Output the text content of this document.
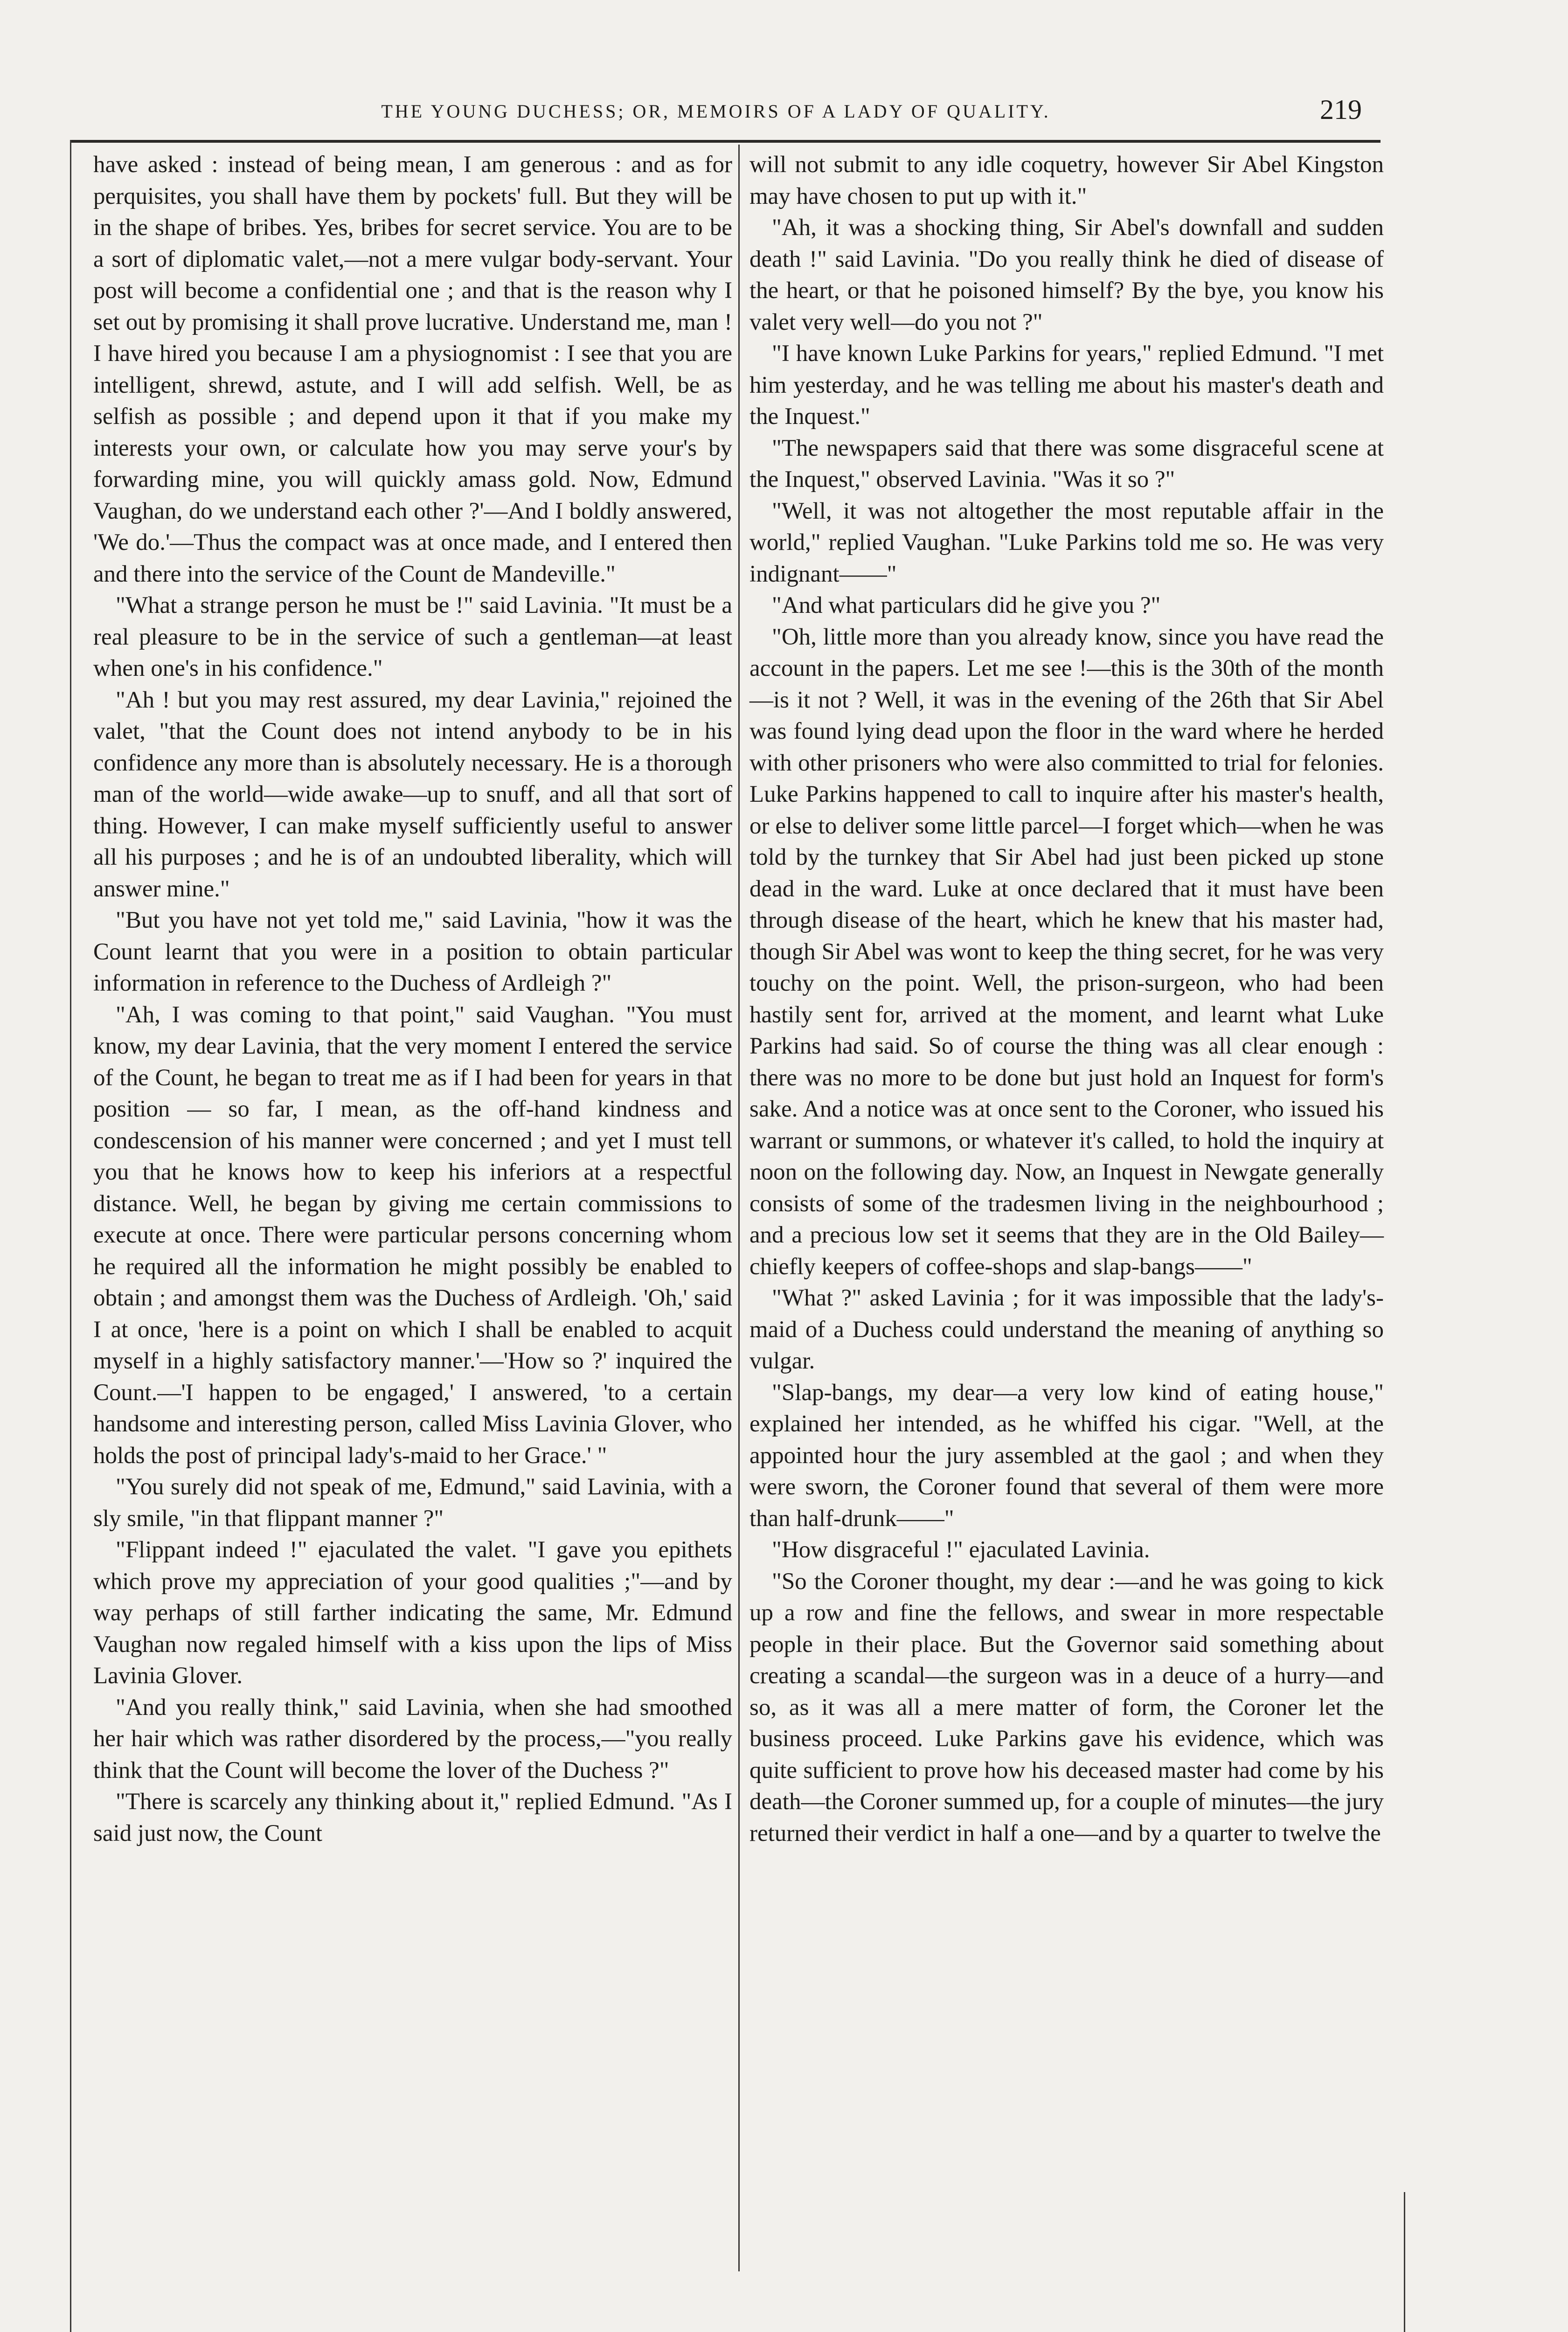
THE YOUNG DUCHESS; OR, MEMOIRS OF A LADY OF QUALITY.	219

have asked : instead of being mean, I am generous : and as for perquisites, you shall have them by pockets' full. But they will be in the shape of bribes. Yes, bribes for secret service. You are to be a sort of diplomatic valet,—not a mere vulgar body-servant. Your post will become a confidential one ; and that is the reason why I set out by promising it shall prove lucrative. Understand me, man ! I have hired you because I am a physiognomist : I see that you are intelligent, shrewd, astute, and I will add selfish. Well, be as selfish as possible ; and depend upon it that if you make my interests your own, or calculate how you may serve your's by forwarding mine, you will quickly amass gold. Now, Edmund Vaughan, do we understand each other ?'—And I boldly answered, 'We do.'—Thus the compact was at once made, and I entered then and there into the service of the Count de Mandeville."

"What a strange person he must be !" said Lavinia. "It must be a real pleasure to be in the service of such a gentleman—at least when one's in his confidence."

"Ah ! but you may rest assured, my dear Lavinia," rejoined the valet, "that the Count does not intend anybody to be in his confidence any more than is absolutely necessary. He is a thorough man of the world—wide awake—up to snuff, and all that sort of thing. However, I can make myself sufficiently useful to answer all his purposes ; and he is of an undoubted liberality, which will answer mine."

"But you have not yet told me," said Lavinia, "how it was the Count learnt that you were in a position to obtain particular information in reference to the Duchess of Ardleigh ?"

"Ah, I was coming to that point," said Vaughan. "You must know, my dear Lavinia, that the very moment I entered the service of the Count, he began to treat me as if I had been for years in that position — so far, I mean, as the off-hand kindness and condescension of his manner were concerned ; and yet I must tell you that he knows how to keep his inferiors at a respectful distance. Well, he began by giving me certain commissions to execute at once. There were particular persons concerning whom he required all the information he might possibly be enabled to obtain ; and amongst them was the Duchess of Ardleigh. 'Oh,' said I at once, 'here is a point on which I shall be enabled to acquit myself in a highly satisfactory manner.'—'How so ?' inquired the Count.—'I happen to be engaged,' I answered, 'to a certain handsome and interesting person, called Miss Lavinia Glover, who holds the post of principal lady's-maid to her Grace.' "

"You surely did not speak of me, Edmund," said Lavinia, with a sly smile, "in that flippant manner ?"

"Flippant indeed !" ejaculated the valet. "I gave you epithets which prove my appreciation of your good qualities ;"—and by way perhaps of still farther indicating the same, Mr. Edmund Vaughan now regaled himself with a kiss upon the lips of Miss Lavinia Glover.

"And you really think," said Lavinia, when she had smoothed her hair which was rather disordered by the process,—"you really think that the Count will become the lover of the Duchess ?"

"There is scarcely any thinking about it," replied Edmund. "As I said just now, the Count

will not submit to any idle coquetry, however Sir Abel Kingston may have chosen to put up with it."

"Ah, it was a shocking thing, Sir Abel's downfall and sudden death !" said Lavinia. "Do you really think he died of disease of the heart, or that he poisoned himself? By the bye, you know his valet very well—do you not ?"

"I have known Luke Parkins for years," replied Edmund. "I met him yesterday, and he was telling me about his master's death and the Inquest."

"The newspapers said that there was some disgraceful scene at the Inquest," observed Lavinia. "Was it so ?"

"Well, it was not altogether the most reputable affair in the world," replied Vaughan. "Luke Parkins told me so. He was very indignant——"

"And what particulars did he give you ?"

"Oh, little more than you already know, since you have read the account in the papers. Let me see !—this is the 30th of the month—is it not ? Well, it was in the evening of the 26th that Sir Abel was found lying dead upon the floor in the ward where he herded with other prisoners who were also committed to trial for felonies. Luke Parkins happened to call to inquire after his master's health, or else to deliver some little parcel—I forget which—when he was told by the turnkey that Sir Abel had just been picked up stone dead in the ward. Luke at once declared that it must have been through disease of the heart, which he knew that his master had, though Sir Abel was wont to keep the thing secret, for he was very touchy on the point. Well, the prison-surgeon, who had been hastily sent for, arrived at the moment, and learnt what Luke Parkins had said. So of course the thing was all clear enough : there was no more to be done but just hold an Inquest for form's sake. And a notice was at once sent to the Coroner, who issued his warrant or summons, or whatever it's called, to hold the inquiry at noon on the following day. Now, an Inquest in Newgate generally consists of some of the tradesmen living in the neighbourhood ; and a precious low set it seems that they are in the Old Bailey—chiefly keepers of coffee-shops and slap-bangs——"

"What ?" asked Lavinia ; for it was impossible that the lady's-maid of a Duchess could understand the meaning of anything so vulgar.

"Slap-bangs, my dear—a very low kind of eating house," explained her intended, as he whiffed his cigar. "Well, at the appointed hour the jury assembled at the gaol ; and when they were sworn, the Coroner found that several of them were more than half-drunk——"

"How disgraceful !" ejaculated Lavinia.

"So the Coroner thought, my dear :—and he was going to kick up a row and fine the fellows, and swear in more respectable people in their place. But the Governor said something about creating a scandal—the surgeon was in a deuce of a hurry—and so, as it was all a mere matter of form, the Coroner let the business proceed. Luke Parkins gave his evidence, which was quite sufficient to prove how his deceased master had come by his death—the Coroner summed up, for a couple of minutes—the jury returned their verdict in half a one—and by a quarter to twelve the
